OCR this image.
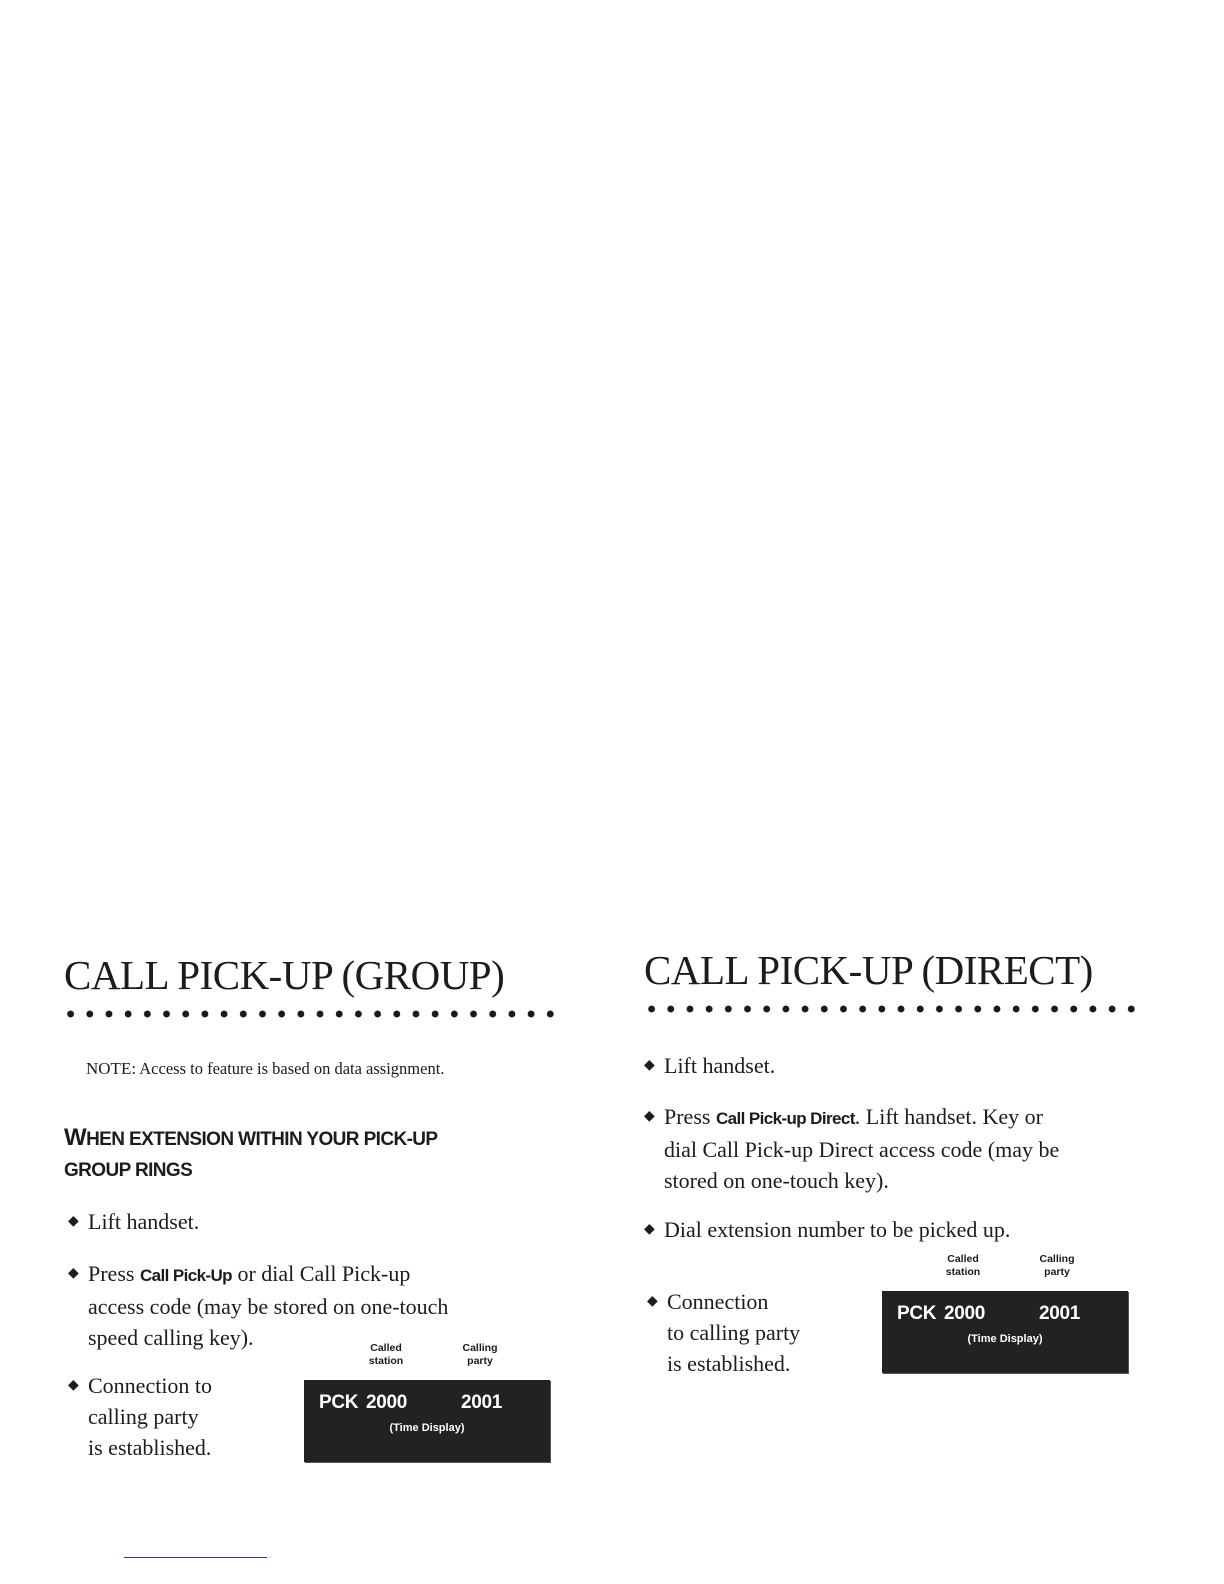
CALL PICK-UP (GROUP)
NOTE: Access to feature is based on data assignment.
WHEN EXTENSION WITHIN YOUR PICK-UP
GROUP RINGS
◆ Lift handset.
◆ Press Call Pick-Up or dial Call Pick-up
access code (may be stored on one-touch
speed calling key).
◆ Connection to
calling party
is established.
Called
station
Calling
party
PCK 2000	2001
(Time Display)
CALL PICK-UP (DIRECT)
◆ Lift handset.
◆ Press Call Pick-up Direct. Lift handset. Key or
dial Call Pick-up Direct access code (may be
stored on one-touch key).
◆ Dial extension number to be picked up.
◆ Connection
to calling party
is established.
Called
station
Calling
party
PCK 2000	2001
(Time Display)
